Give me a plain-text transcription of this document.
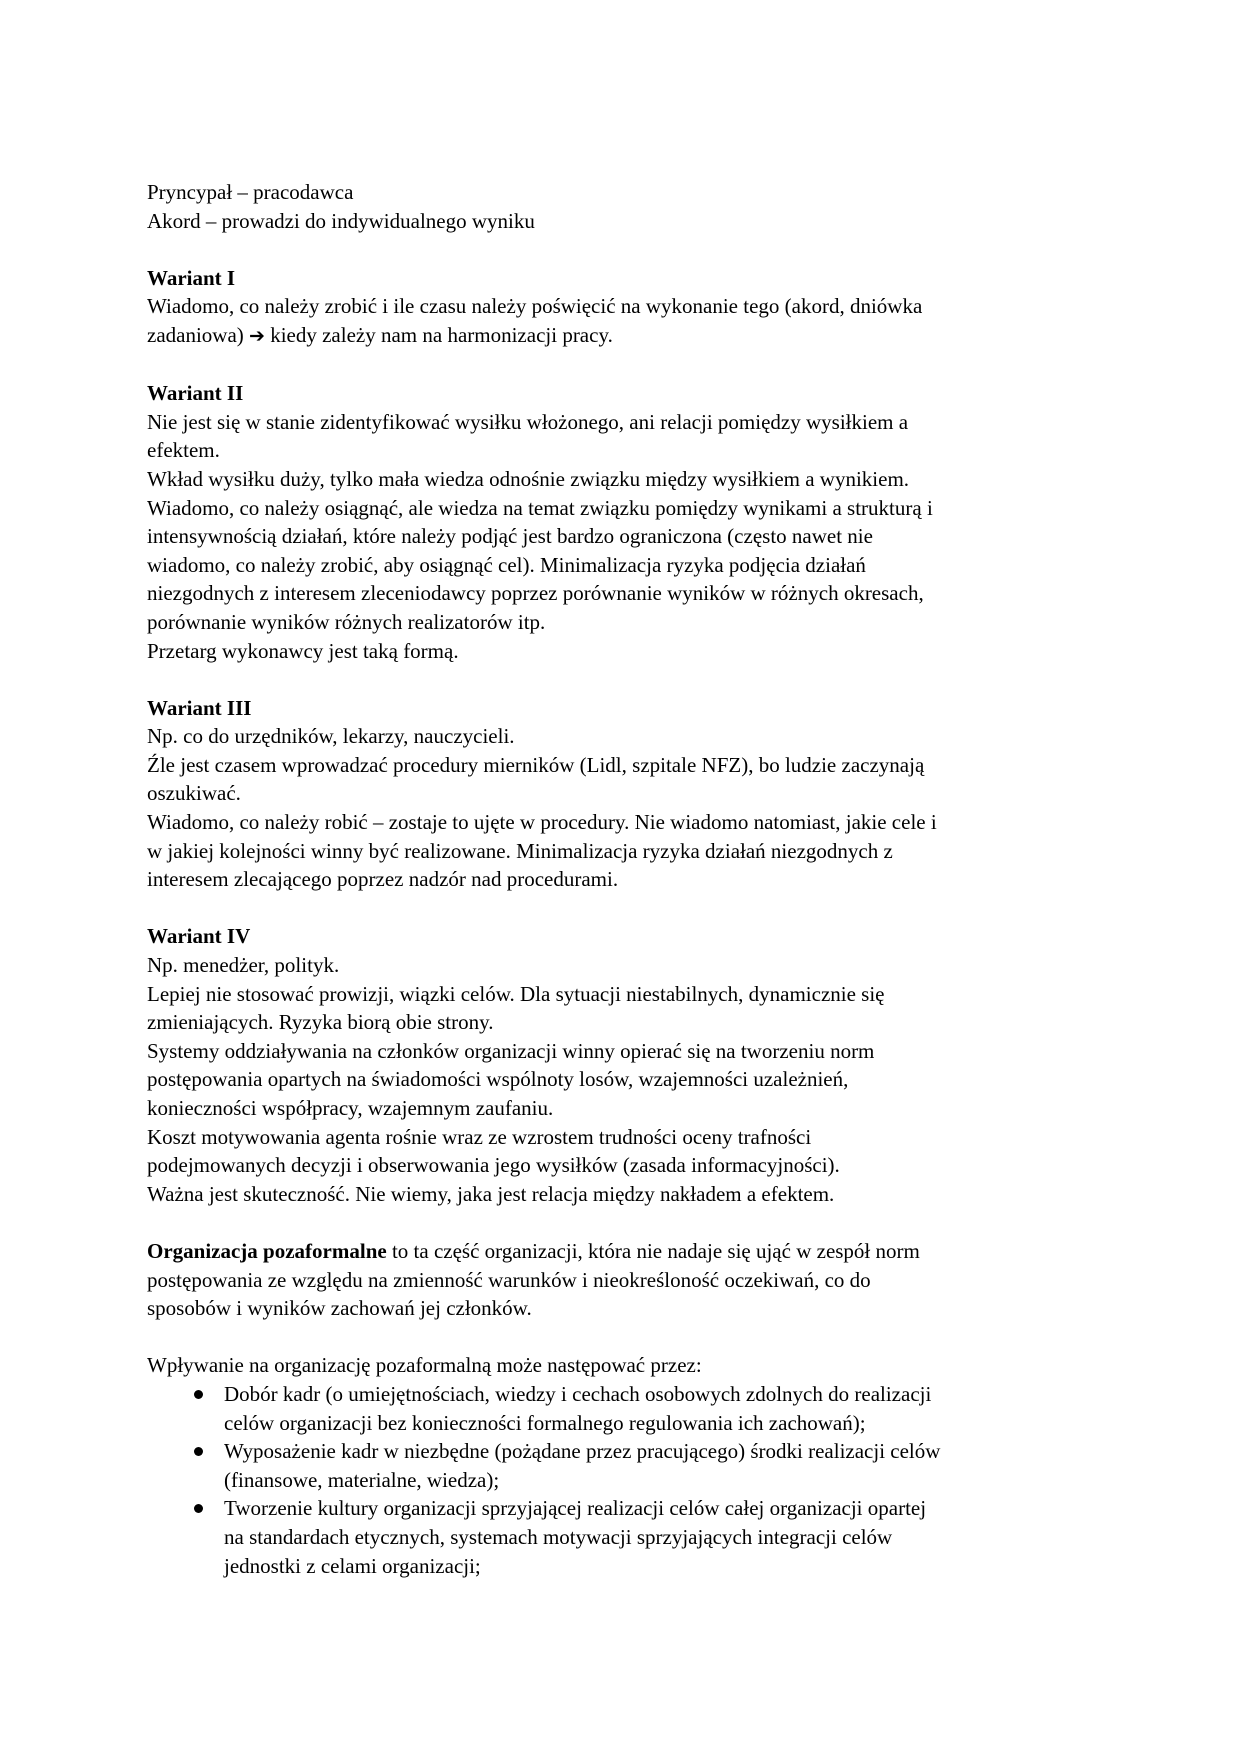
Pryncypał – pracodawca

Akord – prowadzi do indywidualnego wyniku

Wariant I

Wiadomo, co należy zrobić i ile czasu należy poświęcić na wykonanie tego (akord, dniówka

zadaniowa) ➔ kiedy zależy nam na harmonizacji pracy.

Wariant II

Nie jest się w stanie zidentyfikować wysiłku włożonego, ani relacji pomiędzy wysiłkiem a

efektem.

Wkład wysiłku duży, tylko mała wiedza odnośnie związku między wysiłkiem a wynikiem.

Wiadomo, co należy osiągnąć, ale wiedza na temat związku pomiędzy wynikami a strukturą i

intensywnością działań, które należy podjąć jest bardzo ograniczona (często nawet nie

wiadomo, co należy zrobić, aby osiągnąć cel). Minimalizacja ryzyka podjęcia działań

niezgodnych z interesem zleceniodawcy poprzez porównanie wyników w różnych okresach,

porównanie wyników różnych realizatorów itp.

Przetarg wykonawcy jest taką formą.

Wariant III

Np. co do urzędników, lekarzy, nauczycieli.

Źle jest czasem wprowadzać procedury mierników (Lidl, szpitale NFZ), bo ludzie zaczynają

oszukiwać.

Wiadomo, co należy robić – zostaje to ujęte w procedury. Nie wiadomo natomiast, jakie cele i

w jakiej kolejności winny być realizowane. Minimalizacja ryzyka działań niezgodnych z

interesem zlecającego poprzez nadzór nad procedurami.

Wariant IV

Np. menedżer, polityk.

Lepiej nie stosować prowizji, wiązki celów. Dla sytuacji niestabilnych, dynamicznie się

zmieniających. Ryzyka biorą obie strony.

Systemy oddziaływania na członków organizacji winny opierać się na tworzeniu norm

postępowania opartych na świadomości wspólnoty losów, wzajemności uzależnień,

konieczności współpracy, wzajemnym zaufaniu.

Koszt motywowania agenta rośnie wraz ze wzrostem trudności oceny trafności

podejmowanych decyzji i obserwowania jego wysiłków (zasada informacyjności).

Ważna jest skuteczność. Nie wiemy, jaka jest relacja między nakładem a efektem.

Organizacja pozaformalne to ta część organizacji, która nie nadaje się ująć w zespół norm

postępowania ze względu na zmienność warunków i nieokreśloność oczekiwań, co do

sposobów i wyników zachowań jej członków.

Wpływanie na organizację pozaformalną może następować przez:

Dobór kadr (o umiejętnościach, wiedzy i cechach osobowych zdolnych do realizacji

celów organizacji bez konieczności formalnego regulowania ich zachowań);

Wyposażenie kadr w niezbędne (pożądane przez pracującego) środki realizacji celów

(finansowe, materialne, wiedza);

Tworzenie kultury organizacji sprzyjającej realizacji celów całej organizacji opartej

na standardach etycznych, systemach motywacji sprzyjających integracji celów

jednostki z celami organizacji;
